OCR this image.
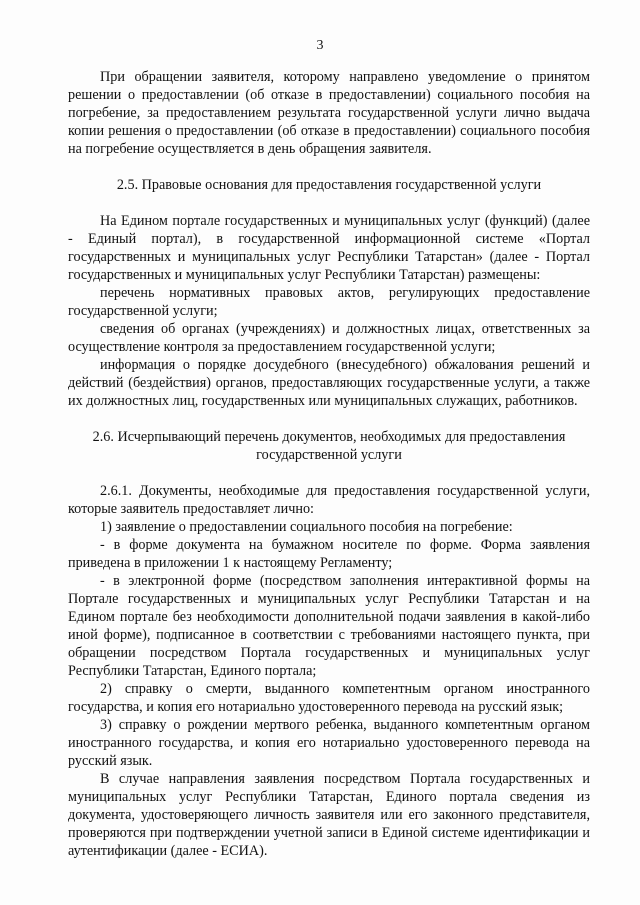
3

При обращении заявителя, которому направлено уведомление о принятом решении о предоставлении (об отказе в предоставлении) социального пособия на погребение, за предоставлением результата государственной услуги лично выдача копии решения о предоставлении (об отказе в предоставлении) социального пособия на погребение осуществляется в день обращения заявителя.

2.5. Правовые основания для предоставления государственной услуги

На Едином портале государственных и муниципальных услуг (функций) (далее - Единый портал), в государственной информационной системе «Портал государственных и муниципальных услуг Республики Татарстан» (далее - Портал государственных и муниципальных услуг Республики Татарстан) размещены:

перечень нормативных правовых актов, регулирующих предоставление государственной услуги;

сведения об органах (учреждениях) и должностных лицах, ответственных за осуществление контроля за предоставлением государственной услуги;

информация о порядке досудебного (внесудебного) обжалования решений и действий (бездействия) органов, предоставляющих государственные услуги, а также их должностных лиц, государственных или муниципальных служащих, работников.

2.6. Исчерпывающий перечень документов, необходимых для предоставления

государственной услуги

2.6.1. Документы, необходимые для предоставления государственной услуги, которые заявитель предоставляет лично:

1) заявление о предоставлении социального пособия на погребение:

- в форме документа на бумажном носителе по форме. Форма заявления приведена в приложении 1 к настоящему Регламенту;

- в электронной форме (посредством заполнения интерактивной формы на Портале государственных и муниципальных услуг Республики Татарстан и на Едином портале без необходимости дополнительной подачи заявления в какой-либо иной форме), подписанное в соответствии с требованиями настоящего пункта, при обращении посредством Портала государственных и муниципальных услуг Республики Татарстан, Единого портала;

2) справку о смерти, выданного компетентным органом иностранного государства, и копия его нотариально удостоверенного перевода на русский язык;

3) справку о рождении мертвого ребенка, выданного компетентным органом иностранного государства, и копия его нотариально удостоверенного перевода на русский язык.

В случае направления заявления посредством Портала государственных и муниципальных услуг Республики Татарстан, Единого портала сведения из документа, удостоверяющего личность заявителя или его законного представителя, проверяются при подтверждении учетной записи в Единой системе идентификации и аутентификации (далее - ЕСИА).
